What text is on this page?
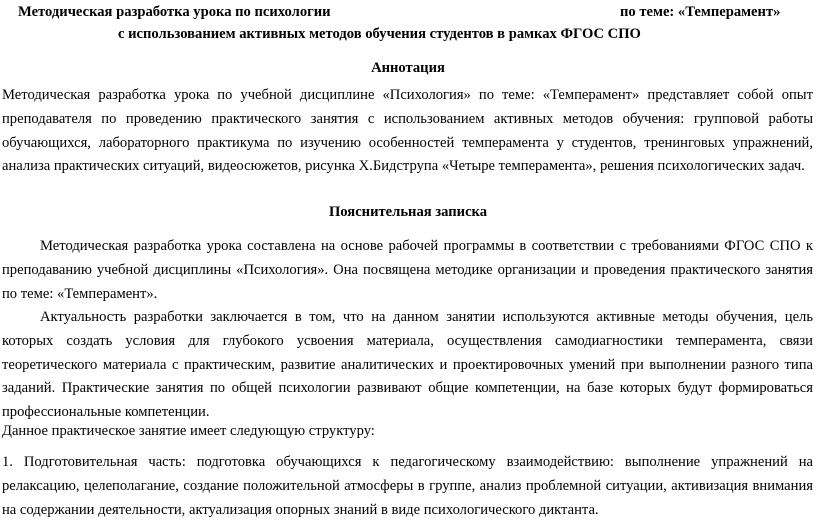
Методическая разработка урока по психологии	по теме: «Темперамент»
с использованием активных методов обучения студентов в рамках ФГОС СПО
Аннотация
Методическая разработка урока по учебной дисциплине «Психология» по теме: «Темперамент» представляет собой опыт преподавателя по проведению практического занятия с использованием активных методов обучения: групповой работы обучающихся, лабораторного практикума по изучению особенностей темперамента у студентов, тренинговых упражнений, анализа практических ситуаций, видеосюжетов, рисунка Х.Бидструпа «Четыре темперамента», решения психологических задач.
Пояснительная записка
Методическая разработка урока составлена на основе рабочей программы в соответствии с требованиями ФГОС СПО к преподаванию учебной дисциплины «Психология». Она посвящена методике организации и проведения практического занятия по теме: «Темперамент».
Актуальность разработки заключается в том, что на данном занятии используются активные методы обучения, цель которых создать условия для глубокого усвоения материала, осуществления самодиагностики темперамента, связи теоретического материала с практическим, развитие аналитических и проектировочных умений при выполнении разного типа заданий. Практические занятия по общей психологии развивают общие компетенции, на базе которых будут формироваться профессиональные компетенции.
Данное практическое занятие имеет следующую структуру:
1. Подготовительная часть: подготовка обучающихся к педагогическому взаимодействию: выполнение упражнений на релаксацию, целеполагание, создание положительной атмосферы в группе, анализ проблемной ситуации, активизация внимания на содержании деятельности, актуализация опорных знаний в виде психологического диктанта.
